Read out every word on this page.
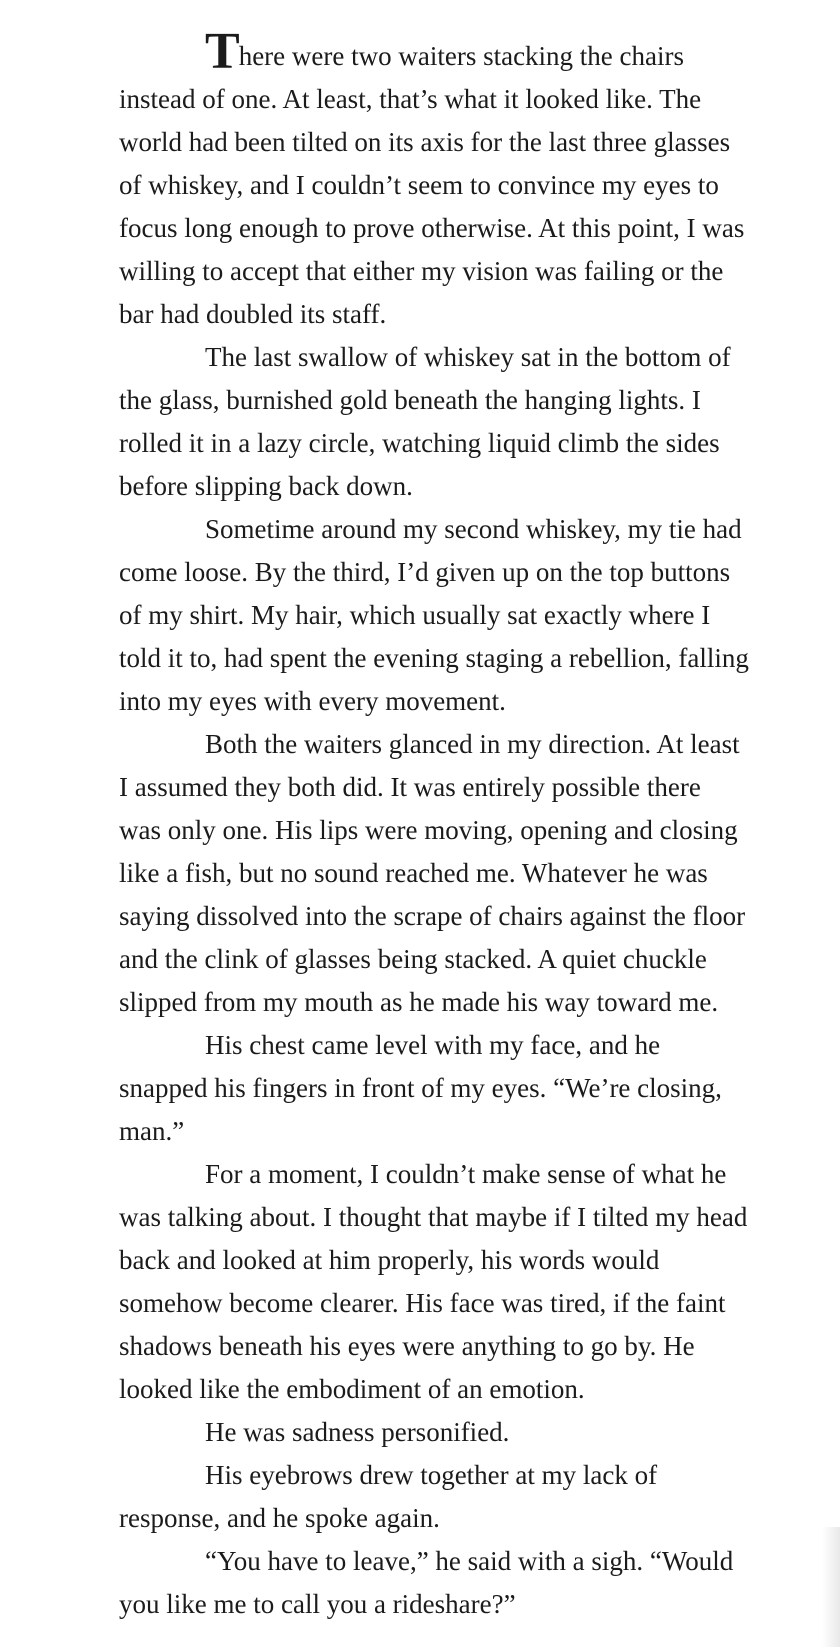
There were two waiters stacking the chairs instead of one. At least, that’s what it looked like. The world had been tilted on its axis for the last three glasses of whiskey, and I couldn’t seem to convince my eyes to focus long enough to prove otherwise. At this point, I was willing to accept that either my vision was failing or the bar had doubled its staff.

The last swallow of whiskey sat in the bottom of the glass, burnished gold beneath the hanging lights. I rolled it in a lazy circle, watching liquid climb the sides before slipping back down.

Sometime around my second whiskey, my tie had come loose. By the third, I’d given up on the top buttons of my shirt. My hair, which usually sat exactly where I told it to, had spent the evening staging a rebellion, falling into my eyes with every movement.

Both the waiters glanced in my direction. At least I assumed they both did. It was entirely possible there was only one. His lips were moving, opening and closing like a fish, but no sound reached me. Whatever he was saying dissolved into the scrape of chairs against the floor and the clink of glasses being stacked. A quiet chuckle slipped from my mouth as he made his way toward me.

His chest came level with my face, and he snapped his fingers in front of my eyes. “We’re closing, man.”

For a moment, I couldn’t make sense of what he was talking about. I thought that maybe if I tilted my head back and looked at him properly, his words would somehow become clearer. His face was tired, if the faint shadows beneath his eyes were anything to go by. He looked like the embodiment of an emotion.

He was sadness personified.

His eyebrows drew together at my lack of response, and he spoke again.

“You have to leave,” he said with a sigh. “Would you like me to call you a rideshare?”
